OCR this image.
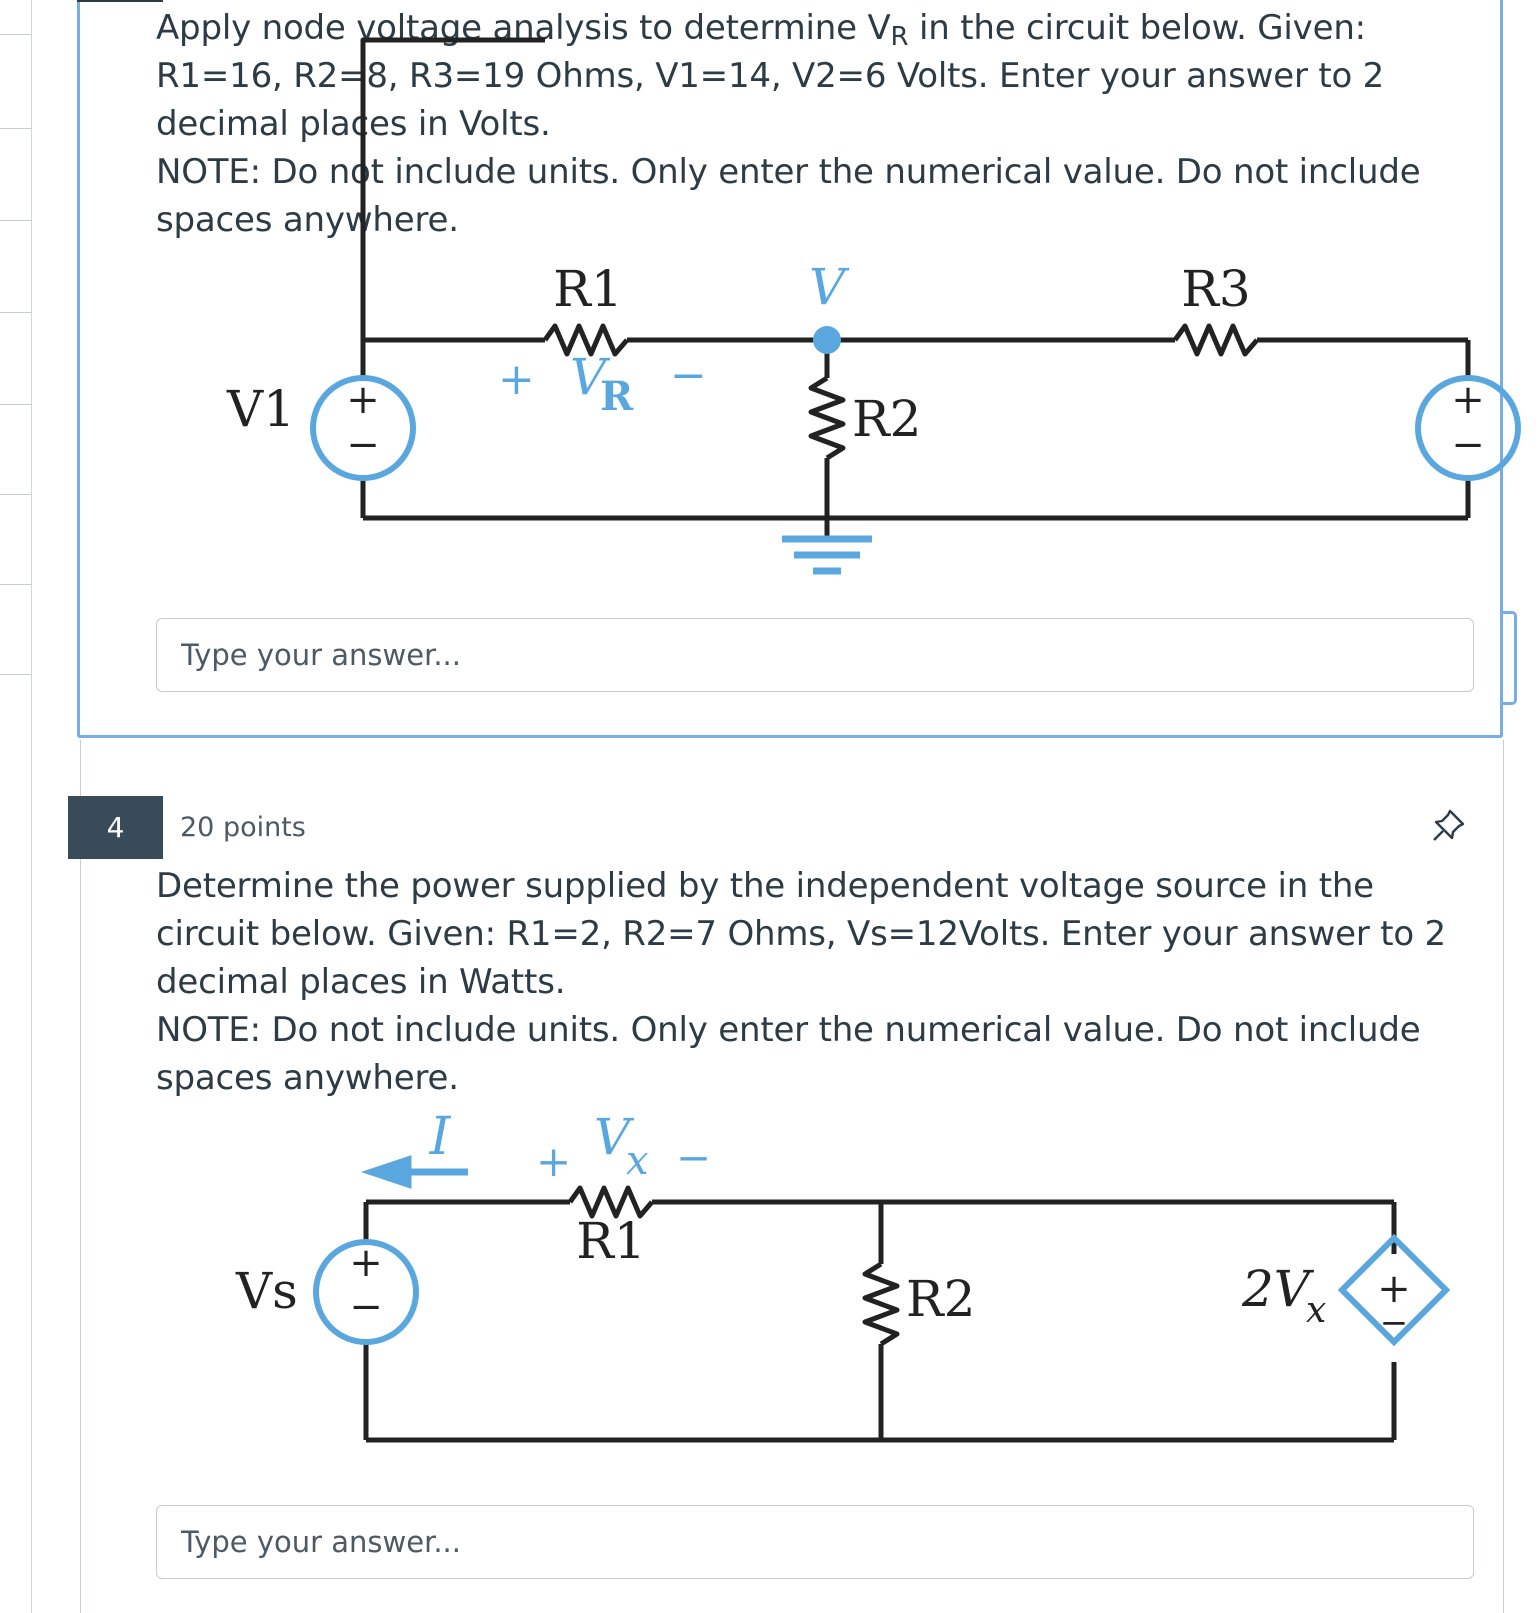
Apply node voltage analysis to determine $V_R$ in the circuit below. Given: R1=16, R2=8, R3=19 Ohms, V1=14, V2=6 Volts. Enter your answer to 2 decimal places in Volts.

NOTE: Do not include units. Only enter the numerical value. Do not include spaces anywhere.

+
−
+
−
R1	R3
R2
V1
V
+ V
R −
Type your answer...
4	20 points

Determine the power supplied by the independent voltage source in the circuit below. Given: R1=2, R2=7 Ohms, Vs=12Volts. Enter your answer to 2 decimal places in Watts.

NOTE: Do not include units. Only enter the numerical value. Do not include spaces anywhere.

+
−	+
−
I + V
x −
R1
R2
Vs	2V
x
Type your answer...
